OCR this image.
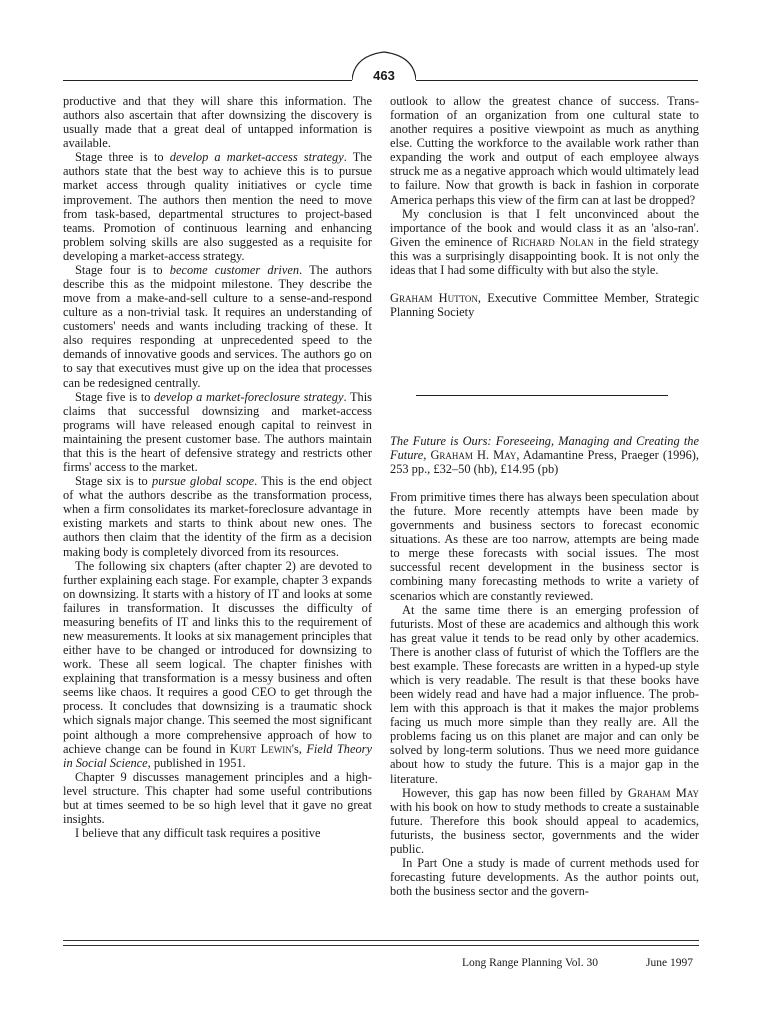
463

productive and that they will share this information. The authors also ascertain that after downsizing the discovery is usually made that a great deal of untapped information is available.

Stage three is to develop a market-access strategy. The authors state that the best way to achieve this is to pursue market access through quality initiatives or cycle time improvement. The authors then mention the need to move from task-based, departmental structures to project-based teams. Promotion of continuous learning and enhancing problem solving skills are also suggested as a requisite for developing a market-access strategy.

Stage four is to become customer driven. The authors describe this as the midpoint milestone. They describe the move from a make-and-sell culture to a sense-and-respond culture as a non-trivial task. It requires an understanding of customers' needs and wants including tracking of these. It also requires responding at unprecedented speed to the demands of innovative goods and services. The authors go on to say that executives must give up on the idea that processes can be redesigned centrally.

Stage five is to develop a market-foreclosure strategy. This claims that successful downsizing and market-access programs will have released enough capital to reinvest in maintaining the present customer base. The authors maintain that this is the heart of defensive strategy and restricts other firms' access to the market.

Stage six is to pursue global scope. This is the end object of what the authors describe as the transformation process, when a firm consolidates its market-foreclosure advantage in existing markets and starts to think about new ones. The authors then claim that the identity of the firm as a decision making body is completely divorced from its resources.

The following six chapters (after chapter 2) are devoted to further explaining each stage. For example, chapter 3 expands on downsizing. It starts with a history of IT and looks at some failures in transformation. It discusses the difficulty of measuring benefits of IT and links this to the requirement of new measurements. It looks at six management principles that either have to be changed or introduced for downsizing to work. These all seem logical. The chapter finishes with explaining that transformation is a messy business and often seems like chaos. It requires a good CEO to get through the process. It concludes that downsizing is a traumatic shock which signals major change. This seemed the most significant point although a more comprehensive approach of how to achieve change can be found in Kurt Lewin's, Field Theory in Social Science, published in 1951.

Chapter 9 discusses management principles and a high-level structure. This chapter had some useful contributions but at times seemed to be so high level that it gave no great insights.

I believe that any difficult task requires a positive

outlook to allow the greatest chance of success. Transformation of an organization from one cultural state to another requires a positive viewpoint as much as anything else. Cutting the workforce to the available work rather than expanding the work and output of each employee always struck me as a negative approach which would ultimately lead to failure. Now that growth is back in fashion in corporate America perhaps this view of the firm can at last be dropped?

My conclusion is that I felt unconvinced about the importance of the book and would class it as an 'also-ran'. Given the eminence of Richard Nolan in the field strategy this was a surprisingly disappointing book. It is not only the ideas that I had some difficulty with but also the style.

Graham Hutton, Executive Committee Member, Strategic Planning Society

The Future is Ours: Foreseeing, Managing and Creating the Future, Graham H. May, Adamantine Press, Praeger (1996), 253 pp., £32–50 (hb), £14.95 (pb)

From primitive times there has always been speculation about the future. More recently attempts have been made by governments and business sectors to forecast economic situations. As these are too narrow, attempts are being made to merge these forecasts with social issues. The most successful recent development in the business sector is combining many forecasting methods to write a variety of scenarios which are constantly reviewed.

At the same time there is an emerging profession of futurists. Most of these are academics and although this work has great value it tends to be read only by other academics. There is another class of futurist of which the Tofflers are the best example. These forecasts are written in a hyped-up style which is very readable. The result is that these books have been widely read and have had a major influence. The problem with this approach is that it makes the major problems facing us much more simple than they really are. All the problems facing us on this planet are major and can only be solved by long-term solutions. Thus we need more guidance about how to study the future. This is a major gap in the literature.

However, this gap has now been filled by Graham May with his book on how to study methods to create a sustainable future. Therefore this book should appeal to academics, futurists, the business sector, governments and the wider public.

In Part One a study is made of current methods used for forecasting future developments. As the author points out, both the business sector and the govern-

Long Range Planning Vol. 30	June 1997
